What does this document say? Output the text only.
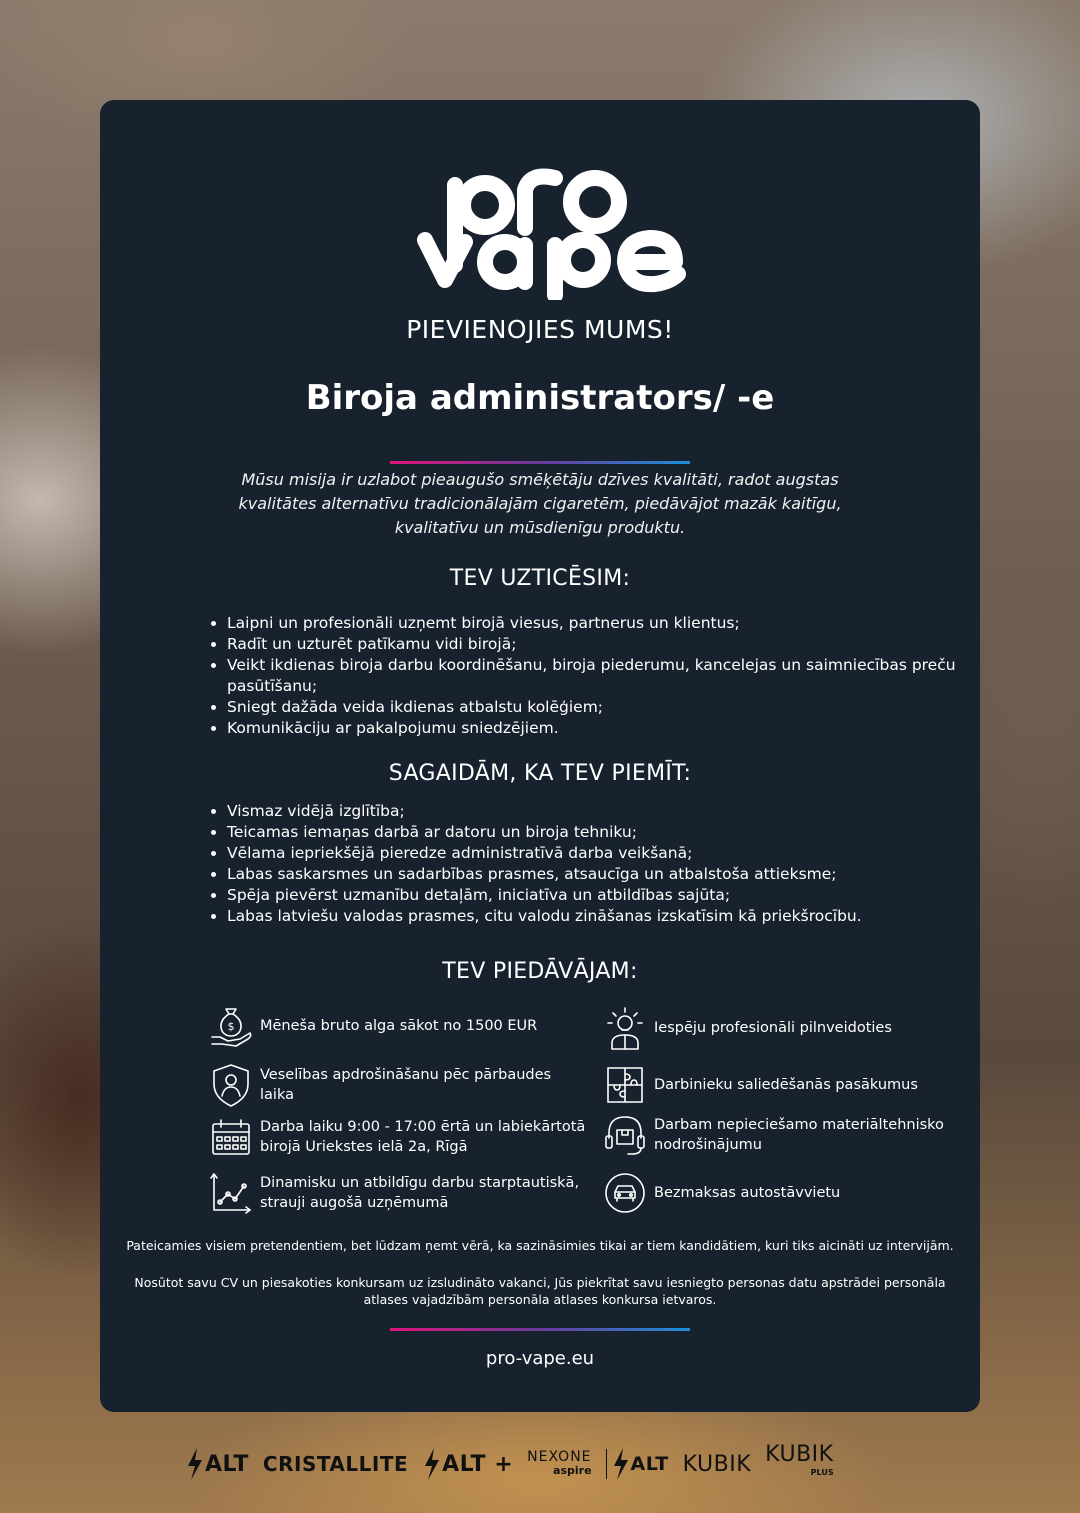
PIEVIENOJIES MUMS!
Biroja administrators/ -e
Mūsu misija ir uzlabot pieaugušo smēķētāju dzīves kvalitāti, radot augstas kvalitātes alternatīvu tradicionālajām cigaretēm, piedāvājot mazāk kaitīgu, kvalitatīvu un mūsdienīgu produktu.
TEV UZTICĒSIM:
• Laipni un profesionāli uzņemt birojā viesus, partnerus un klientus;
• Radīt un uzturēt patīkamu vidi birojā;
• Veikt ikdienas biroja darbu koordinēšanu, biroja piederumu, kancelejas un saimniecības preču pasūtīšanu;
• Sniegt dažāda veida ikdienas atbalstu kolēģiem;
• Komunikāciju ar pakalpojumu sniedzējiem.
SAGAIDĀM, KA TEV PIEMĪT:
• Vismaz vidējā izglītība;
• Teicamas iemaņas darbā ar datoru un biroja tehniku;
• Vēlama iepriekšējā pieredze administratīvā darba veikšanā;
• Labas saskarsmes un sadarbības prasmes, atsaucīga un atbalstoša attieksme;
• Spēja pievērst uzmanību detaļām, iniciatīva un atbildības sajūta;
• Labas latviešu valodas prasmes, citu valodu zināšanas izskatīsim kā priekšrocību.
TEV PIEDĀVĀJAM:
$ Mēneša bruto alga sākot no 1500 EUR
Veselības apdrošināšanu pēc pārbaudes laika
Darba laiku 9:00 - 17:00 ērtā un labiekārtotā birojā Uriekstes ielā 2a, Rīgā
Dinamisku un atbildīgu darbu starptautiskā, strauji augošā uzņēmumā
Iespēju profesionāli pilnveidoties
Darbinieku saliedēšanās pasākumus
Darbam nepieciešamo materiāltehnisko nodrošinājumu
Bezmaksas autostāvvietu
Pateicamies visiem pretendentiem, bet lūdzam ņemt vērā, ka sazināsimies tikai ar tiem kandidātiem, kuri tiks aicināti uz intervijām.
Nosūtot savu CV un piesakoties konkursam uz izsludināto vakanci, Jūs piekrītat savu iesniegto personas datu apstrādei personāla atlases vajadzībām personāla atlases konkursa ietvaros.
pro-vape.eu
ALT CRISTALLITE ALT + NEXONE
aspire ALT KUBIK KUBIK
PLUS
